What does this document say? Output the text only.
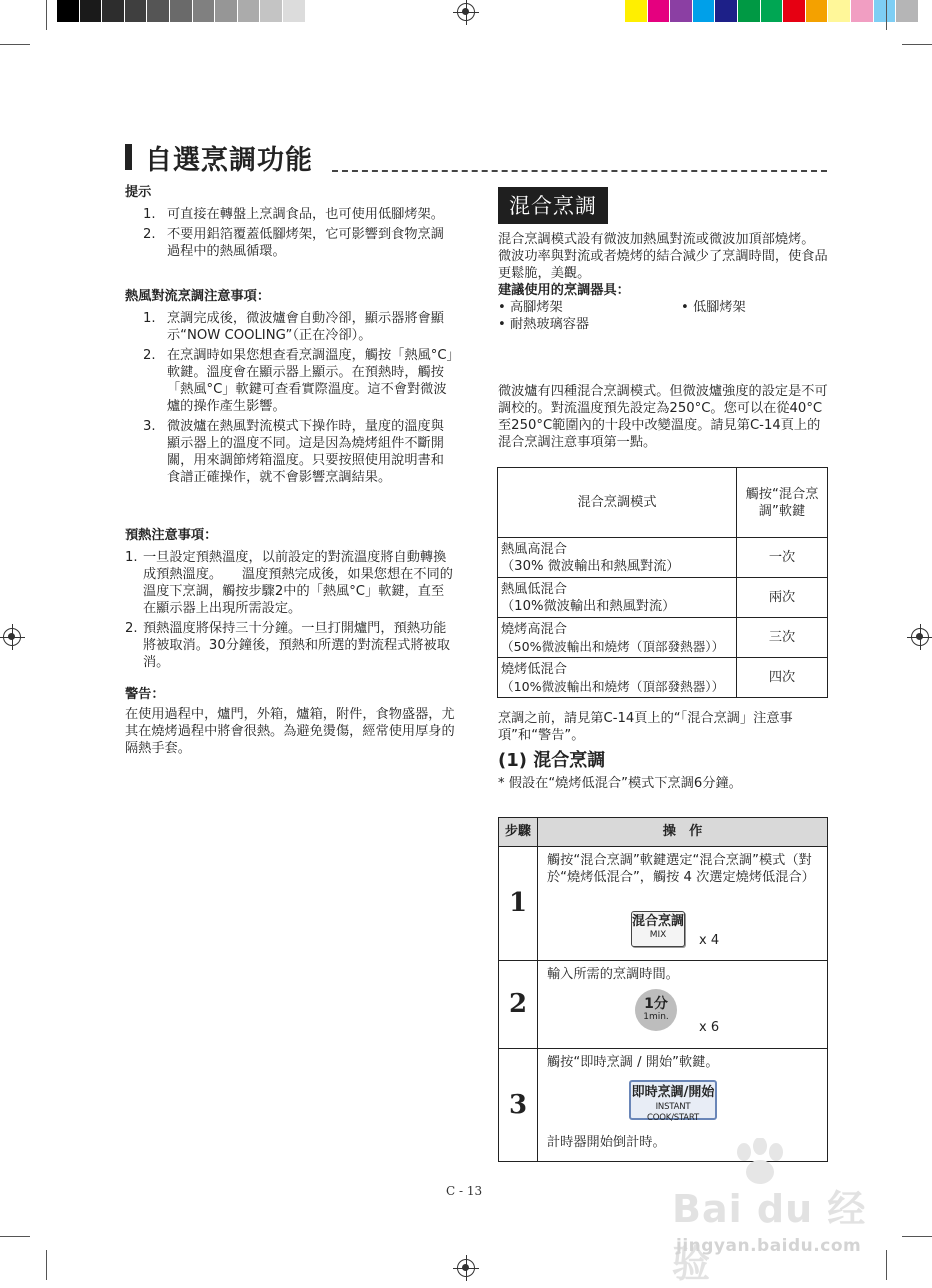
自選烹調功能
提示
1. 可直接在轉盤上烹調食品，也可使用低腳烤架。
2. 不要用鋁箔覆蓋低腳烤架，它可影響到食物烹調過程中的熱風循環。
熱風對流烹調注意事項：
1. 烹調完成後，微波爐會自動冷卻，顯示器將會顯示“NOW COOLING”（正在冷卻）。
2. 在烹調時如果您想查看烹調溫度，觸按「熱風°C」軟鍵。溫度會在顯示器上顯示。在預熱時，觸按「熱風°C」軟鍵可查看實際溫度。這不會對微波爐的操作產生影響。
3. 微波爐在熱風對流模式下操作時，量度的溫度與顯示器上的溫度不同。這是因為燒烤組件不斷開關，用來調節烤箱溫度。只要按照使用說明書和食譜正確操作，就不會影響烹調結果。
預熱注意事項：
1. 一旦設定預熱溫度，以前設定的對流溫度將自動轉換成預熱溫度。　　溫度預熱完成後，如果您想在不同的溫度下烹調，觸按步驟2中的「熱風°C」軟鍵，直至在顯示器上出現所需設定。
2. 預熱溫度將保持三十分鐘。一旦打開爐門，預熱功能將被取消。30分鐘後，預熱和所選的對流程式將被取消。
警告：
在使用過程中，爐門，外箱，爐箱，附件，食物盛器，尤其在燒烤過程中將會很熱。為避免燙傷，經常使用厚身的隔熱手套。
混合烹調
混合烹調模式設有微波加熱風對流或微波加頂部燒烤。
微波功率與對流或者燒烤的結合減少了烹調時間，使食品更鬆脆，美觀。
建議使用的烹調器具：
• 高腳烤架	• 低腳烤架
• 耐熱玻璃容器
微波爐有四種混合烹調模式。但微波爐強度的設定是不可調校的。對流溫度預先設定為250°C。您可以在從40°C至250°C範圍內的十段中改變溫度。請見第C-14頁上的混合烹調注意事項第一點。
混合烹調模式	觸按“混合烹調”軟鍵

熱風高混合
（30% 微波輸出和熱風對流）	一次

熱風低混合
（10%微波輸出和熱風對流）	兩次

燒烤高混合
（50%微波輸出和燒烤（頂部發熱器））	三次

燒烤低混合
（10%微波輸出和燒烤（頂部發熱器））	四次
烹調之前，請見第C-14頁上的“「混合烹調」注意事項”和“警告”。
(1) 混合烹調
* 假設在“燒烤低混合”模式下烹調6分鐘。
步驟	操　作
1	觸按“混合烹調”軟鍵選定“混合烹調”模式（對於“燒烤低混合”，觸按 4 次選定燒烤低混合）
混合烹調
MIX x 4

2	輸入所需的烹調時間。
1分
1min.
x 6

3	觸按“即時烹調 / 開始”軟鍵。
即時烹調/開始
INSTANT COOK/START
計時器開始倒計時。
C - 13	Bai du 经验
jingyan.baidu.com
